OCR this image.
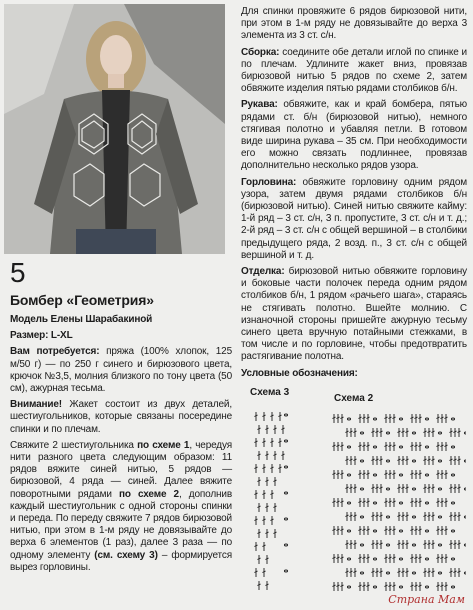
5
Бомбер «Геометрия»
Модель Елены Шарабакиной
Размер: L-XL

Вам потребуется: пряжа (100% хлопок, 125 м/50 г) — по 250 г синего и бирюзового цвета, крючок №3,5, молния близкого по тону цвета (50 см), ажурная тесьма.

Внимание! Жакет состоит из двух деталей, шестиугольников, которые связаны посередине спинки и по плечам.

Свяжите 2 шестиугольника по схеме 1, чередуя нити разного цвета следующим образом: 11 рядов вяжите синей нитью, 5 рядов — бирюзовой, 4 ряда — синей. Далее вяжите поворотными рядами по схеме 2, дополнив каждый шестиугольник с одной стороны спинки и переда. По переду свяжите 7 рядов бирюзовой нитью, при этом в 1-м ряду не довязывайте до верха 6 элементов (1 раз), далее 3 раза — по одному элементу (см. схему 3) – формируется вырез горловины.

Для спинки провяжите 6 рядов бирюзовой нити, при этом в 1-м ряду не довязывайте до верха 3 элемента из 3 ст. с/н.

Сборка: соедините обе детали иглой по спинке и по плечам. Удлините жакет вниз, провязав бирюзовой нитью 5 рядов по схеме 2, затем обвяжите изделия пятью рядами столбиков б/н.

Рукава: обвяжите, как и край бомбера, пятью рядами ст. б/н (бирюзовой нитью), немного стягивая полотно и убавляя петли. В готовом виде ширина рукава – 35 см. При необходимости его можно связать подлиннее, провязав дополнительно несколько рядов узора.

Горловина: обвяжите горловину одним рядом узора, затем двумя рядами столбиков б/н (бирюзовой нитью). Синей нитью свяжите кайму: 1-й ряд – 3 ст. с/н, 3 п. пропустите, 3 ст. с/н и т. д.; 2-й ряд – 3 ст. с/н с общей вершиной – в столбики предыдущего ряда, 2 возд. п., 3 ст. с/н с общей вершиной и т. д.

Отделка: бирюзовой нитью обвяжите горловину и боковые части полочек переда одним рядом столбиков б/н, 1 рядом «рачьего шага», стараясь не стягивать полотно. Вшейте молнию. С изнаночной стороны пришейте ажурную тесьму синего цвета вручную потайными стежками, в том числе и по горловине, чтобы предотвратить растягивание полотна.

Условные обозначения:
Схема 3
Схема 2
Страна Мам
